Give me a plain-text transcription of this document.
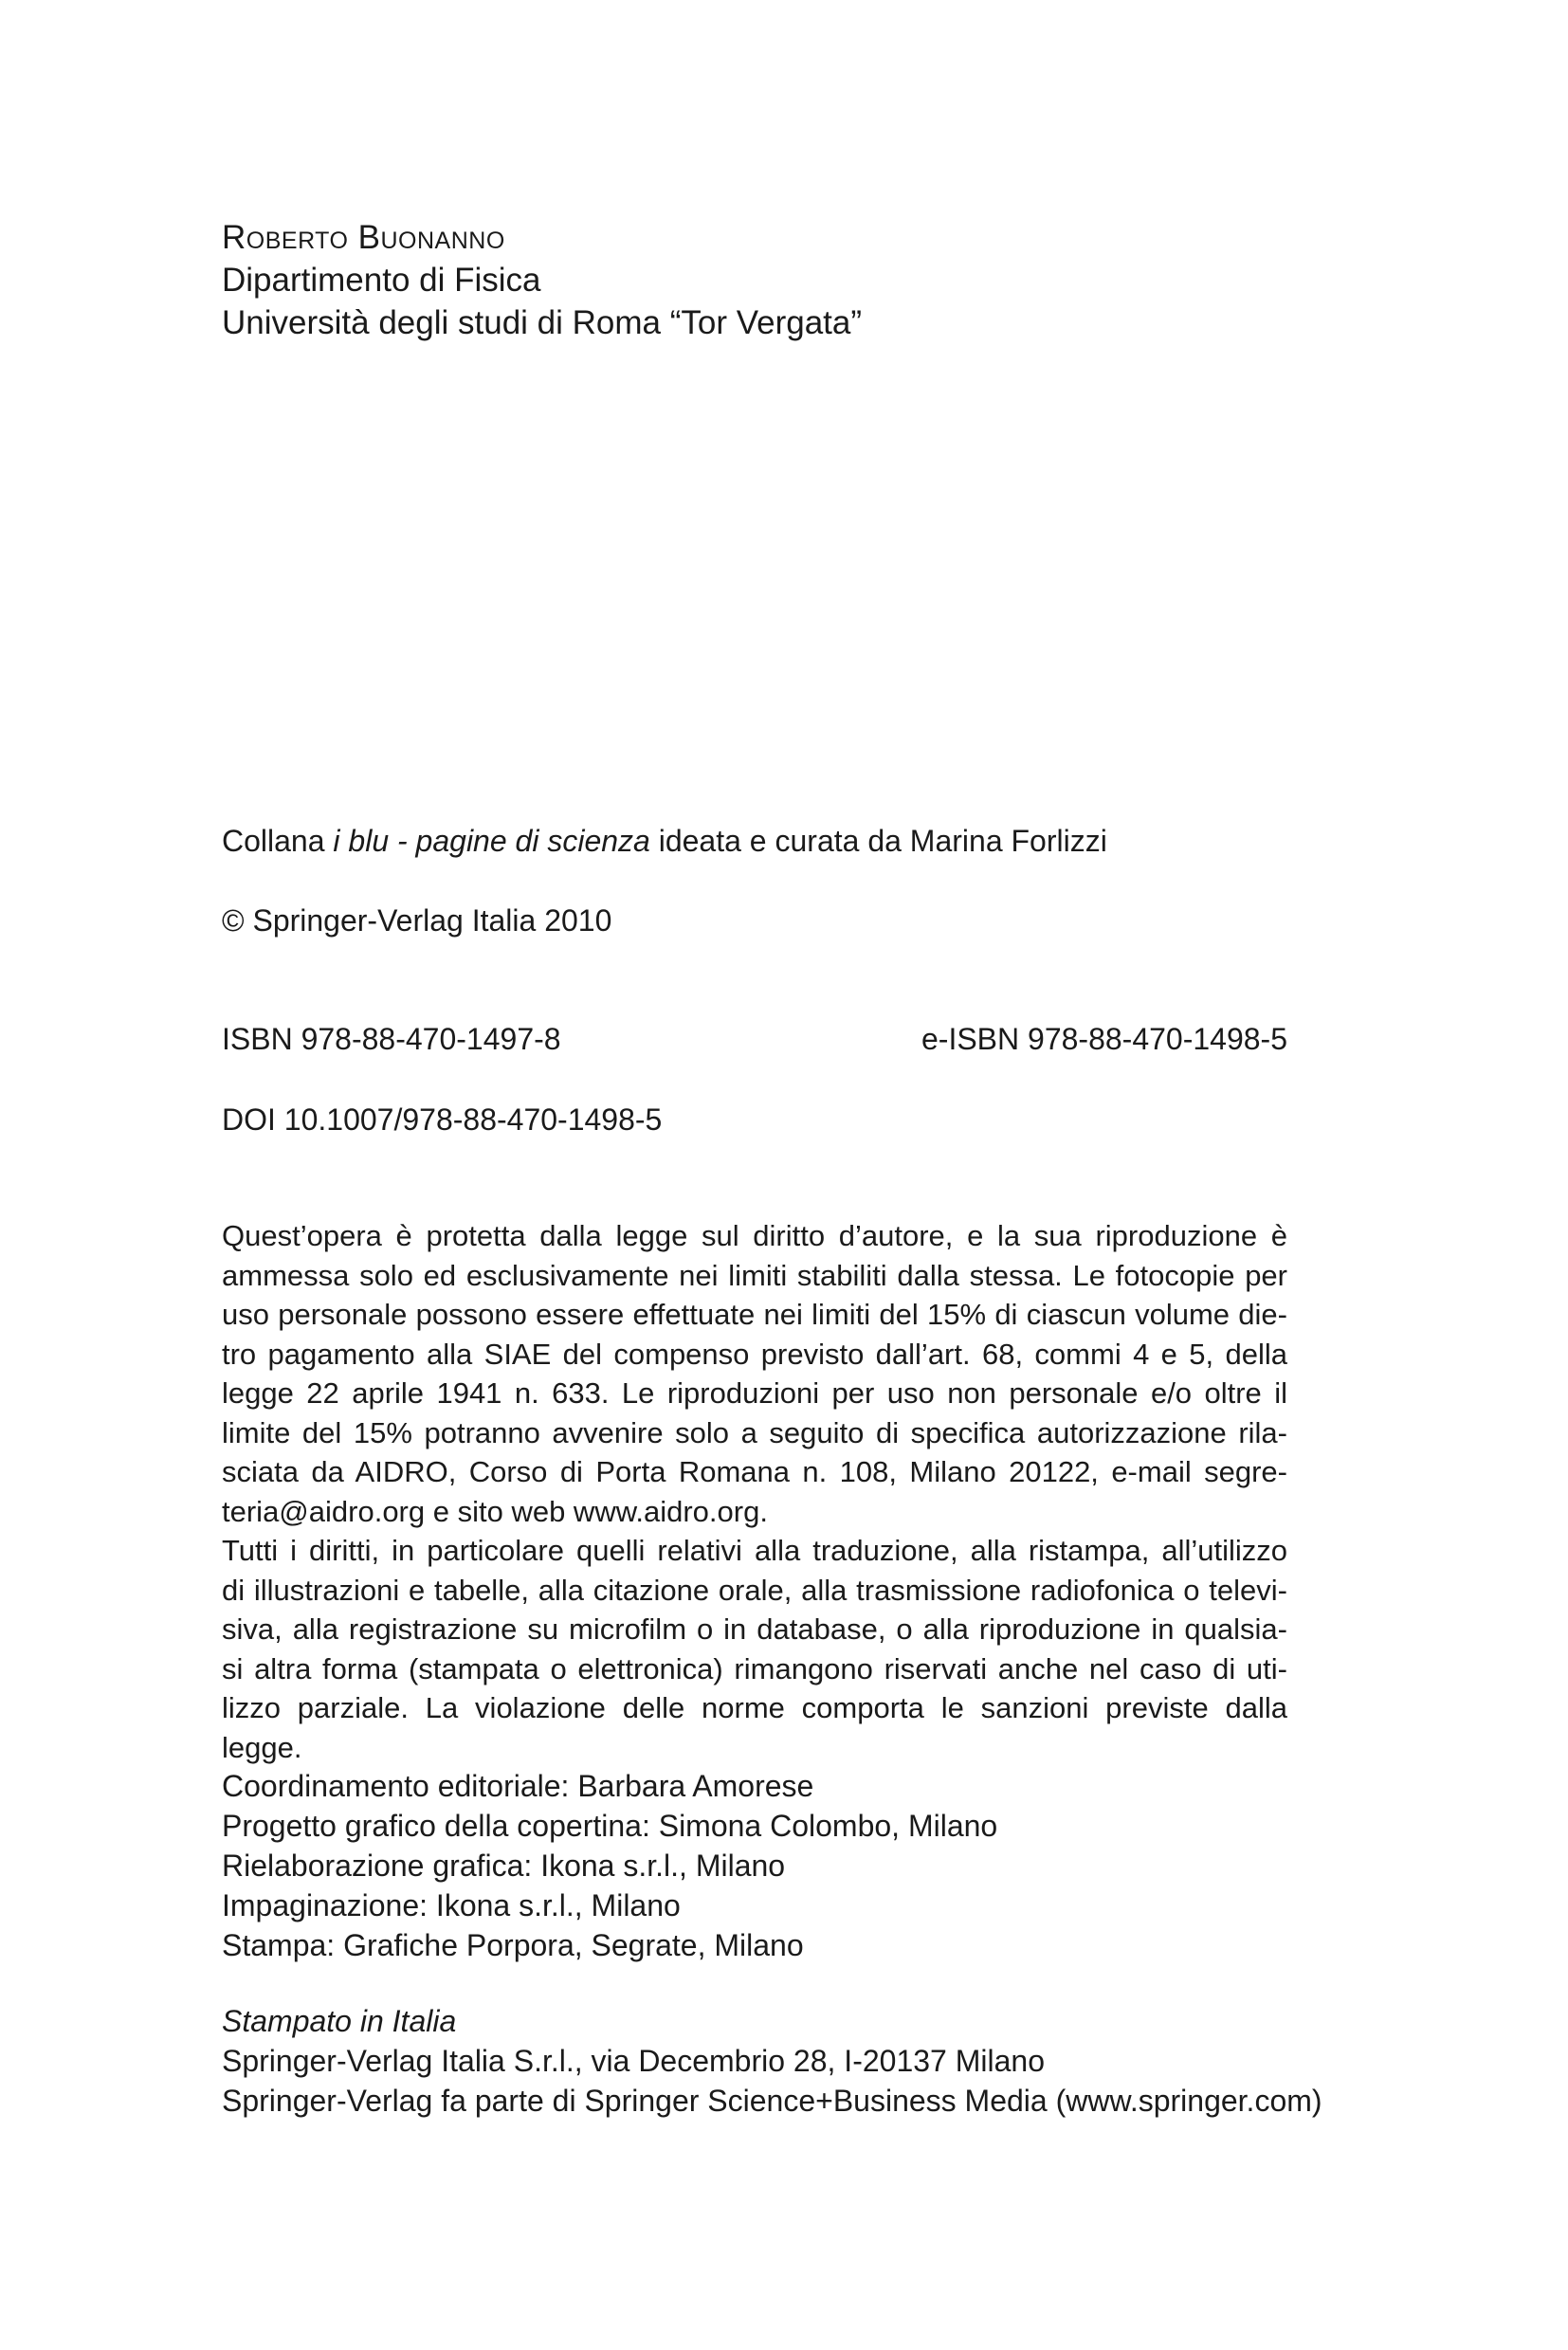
Roberto Buonanno
Dipartimento di Fisica
Università degli studi di Roma “Tor Vergata”
Collana i blu - pagine di scienza ideata e curata da Marina Forlizzi
© Springer-Verlag Italia 2010
ISBN 978-88-470-1497-8	e-ISBN 978-88-470-1498-5
DOI 10.1007/978-88-470-1498-5
Quest’opera è protetta dalla legge sul diritto d’autore, e la sua riproduzione è
ammessa solo ed esclusivamente nei limiti stabiliti dalla stessa. Le fotocopie per
uso personale possono essere effettuate nei limiti del 15% di ciascun volume die-
tro pagamento alla SIAE del compenso previsto dall’art. 68, commi 4 e 5, della
legge 22 aprile 1941 n. 633. Le riproduzioni per uso non personale e/o oltre il
limite del 15% potranno avvenire solo a seguito di specifica autorizzazione rila-
sciata da AIDRO, Corso di Porta Romana n. 108, Milano 20122, e-mail segre-
teria@aidro.org e sito web www.aidro.org.
Tutti i diritti, in particolare quelli relativi alla traduzione, alla ristampa, all’utilizzo
di illustrazioni e tabelle, alla citazione orale, alla trasmissione radiofonica o televi-
siva, alla registrazione su microfilm o in database, o alla riproduzione in qualsia-
si altra forma (stampata o elettronica) rimangono riservati anche nel caso di uti-
lizzo parziale. La violazione delle norme comporta le sanzioni previste dalla legge.
Coordinamento editoriale: Barbara Amorese
Progetto grafico della copertina: Simona Colombo, Milano
Rielaborazione grafica: Ikona s.r.l., Milano
Impaginazione: Ikona s.r.l., Milano
Stampa: Grafiche Porpora, Segrate, Milano
Stampato in Italia
Springer-Verlag Italia S.r.l., via Decembrio 28, I-20137 Milano
Springer-Verlag fa parte di Springer Science+Business Media (www.springer.com)
